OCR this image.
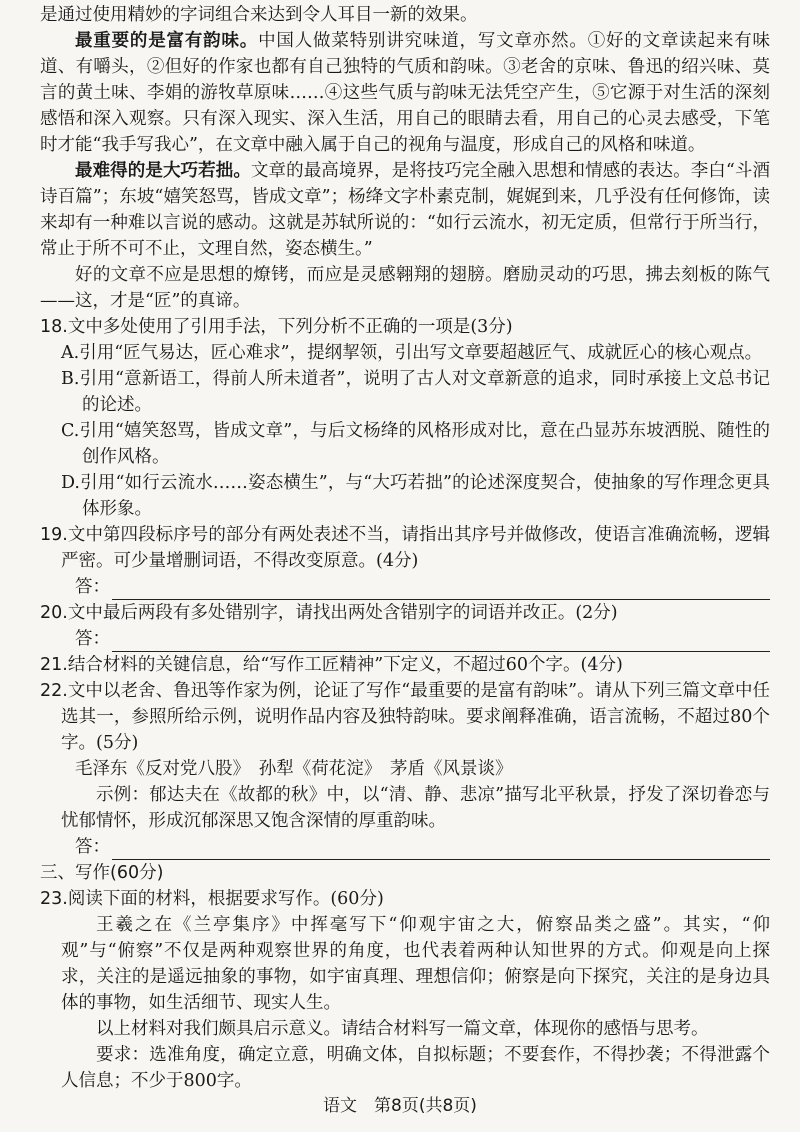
是通过使用精妙的字词组合来达到令人耳目一新的效果。

最重要的是富有韵味。中国人做菜特别讲究味道，写文章亦然。①好的文章读起来有味道、有嚼头，②但好的作家也都有自己独特的气质和韵味。③老舍的京味、鲁迅的绍兴味、莫言的黄土味、李娟的游牧草原味……④这些气质与韵味无法凭空产生，⑤它源于对生活的深刻感悟和深入观察。只有深入现实、深入生活，用自己的眼睛去看，用自己的心灵去感受，下笔时才能“我手写我心”，在文章中融入属于自己的视角与温度，形成自己的风格和味道。

最难得的是大巧若拙。文章的最高境界，是将技巧完全融入思想和情感的表达。李白“斗酒诗百篇”；东坡“嬉笑怒骂，皆成文章”；杨绛文字朴素克制，娓娓到来，几乎没有任何修饰，读来却有一种难以言说的感动。这就是苏轼所说的：“如行云流水，初无定质，但常行于所当行，常止于所不可不止，文理自然，姿态横生。”

好的文章不应是思想的燎铐，而应是灵感翱翔的翅膀。磨励灵动的巧思，拂去刻板的陈气——这，才是“匠”的真谛。

18.文中多处使用了引用手法，下列分析不正确的一项是(3分)

A.引用“匠气易达，匠心难求”，提纲挈领，引出写文章要超越匠气、成就匠心的核心观点。

B.引用“意新语工，得前人所未道者”，说明了古人对文章新意的追求，同时承接上文总书记的论述。

C.引用“嬉笑怒骂，皆成文章”，与后文杨绛的风格形成对比，意在凸显苏东坡洒脱、随性的创作风格。

D.引用“如行云流水……姿态横生”，与“大巧若拙”的论述深度契合，使抽象的写作理念更具体形象。

19.文中第四段标序号的部分有两处表述不当，请指出其序号并做修改，使语言准确流畅，逻辑严密。可少量增删词语，不得改变原意。(4分)

答：

20.文中最后两段有多处错别字，请找出两处含错别字的词语并改正。(2分)

答：

21.结合材料的关键信息，给“写作工匠精神”下定义，不超过60个字。(4分)

22.文中以老舍、鲁迅等作家为例，论证了写作“最重要的是富有韵味”。请从下列三篇文章中任选其一，参照所给示例，说明作品内容及独特韵味。要求阐释准确，语言流畅，不超过80个字。(5分)

毛泽东《反对党八股》　孙犁《荷花淀》　茅盾《风景谈》

示例：郁达夫在《故都的秋》中，以“清、静、悲凉”描写北平秋景，抒发了深切眷恋与忧郁情怀，形成沉郁深思又饱含深情的厚重韵味。

答：

三、写作(60分)

23.阅读下面的材料，根据要求写作。(60分)

王羲之在《兰亭集序》中挥毫写下“仰观宇宙之大，俯察品类之盛”。其实，“仰观”与“俯察”不仅是两种观察世界的角度，也代表着两种认知世界的方式。仰观是向上探求，关注的是遥远抽象的事物，如宇宙真理、理想信仰；俯察是向下探究，关注的是身边具体的事物，如生活细节、现实人生。

以上材料对我们颇具启示意义。请结合材料写一篇文章，体现你的感悟与思考。

要求：选准角度，确定立意，明确文体，自拟标题；不要套作，不得抄袭；不得泄露个人信息；不少于800字。

语文　第8页(共8页)
